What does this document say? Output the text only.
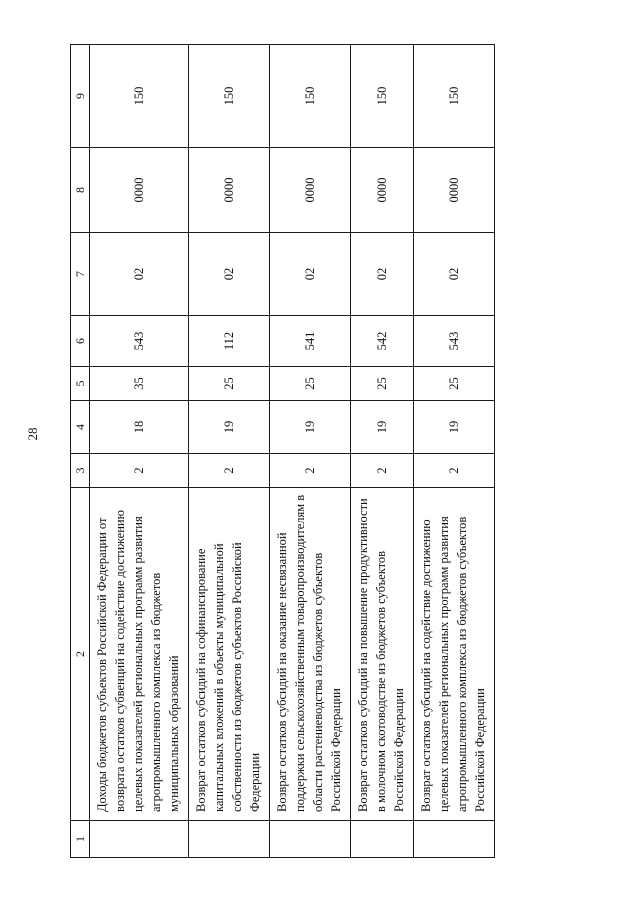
28
1	2	3	4	5	6	7	8	9
	Доходы бюджетов субъектов Российской Федерации от возврата остатков субвенций на содействие достижению целевых показателей региональных программ развития агропромышленного комплекса из бюджетов муниципальных образований	2	18	35	543	02	0000	150
	Возврат остатков субсидий на софинансирование капитальных вложений в объекты муниципальной собственности из бюджетов субъектов Российской Федерации	2	19	25	112	02	0000	150
	Возврат остатков субсидий на оказание несвязанной поддержки сельскохозяйственным товаропроизводителям в области растениеводства из бюджетов субъектов Российской Федерации	2	19	25	541	02	0000	150
	Возврат остатков субсидий на повышение продуктивности в молочном скотоводстве из бюджетов субъектов Российской Федерации	2	19	25	542	02	0000	150
	Возврат остатков субсидий на содействие достижению целевых показателей региональных программ развития агропромышленного комплекса из бюджетов субъектов Российской Федерации	2	19	25	543	02	0000	150
